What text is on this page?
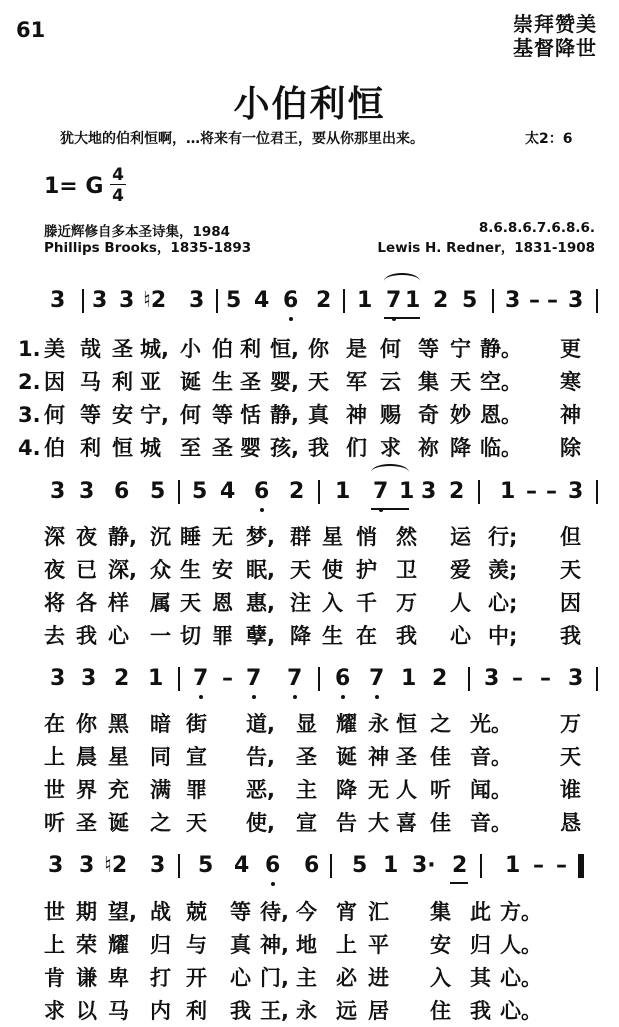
61	崇拜赞美
基督降世
小伯利恒
犹大地的伯利恒啊，…将来有一位君王，要从你那里出来。	太2：6
1= G 4
4
滕近辉修自多本圣诗集，1984
Phillips Brooks，1835-1893
8.6.8.6.7.6.8.6.
Lewis H. Redner，1831-1908
3 3 3 ♮2 3 5 4 6 2 1 7 1 2 5 3 – – 3
1. 美 哉 圣 城, 小 伯 利 恒, 你 是 何 等 宁 静。 更
2. 因 马 利 亚 诞 生 圣 婴, 天 军 云 集 天 空。 寒
3. 何 等 安 宁, 何 等 恬 静, 真 神 赐 奇 妙 恩。 神
4. 伯 利 恒 城 至 圣 婴 孩, 我 们 求 祢 降 临。 除
3 3 6 5 5 4 6 2 1 7 1 3 2 1 – – 3
深 夜 静, 沉 睡 无 梦, 群 星 悄 然 运 行; 但
夜 已 深, 众 生 安 眠, 天 使 护 卫 爱 羡; 天
将 各 样 属 天 恩 惠, 注 入 千 万 人 心; 因
去 我 心 一 切 罪 孽, 降 生 在 我 心 中; 我
3 3 2 1 7 – 7 7 6 7 1 2 3 – – 3
在 你 黑 暗 街 道, 显 耀 永 恒 之 光。 万
上 晨 星 同 宣 告, 圣 诞 神 圣 佳 音。 天
世 界 充 满 罪 恶, 主 降 无 人 听 闻。 谁
听 圣 诞 之 天 使, 宣 告 大 喜 佳 音。 恳
3 3 ♮2 3 5 4 6 6 5 1 3· 2 1 – –
世 期 望, 战 兢 等 待, 今 宵 汇 集 此 方。
上 荣 耀 归 与 真 神, 地 上 平 安 归 人。
肯 谦 卑 打 开 心 门, 主 必 进 入 其 心。
求 以 马 内 利 我 王, 永 远 居 住 我 心。
